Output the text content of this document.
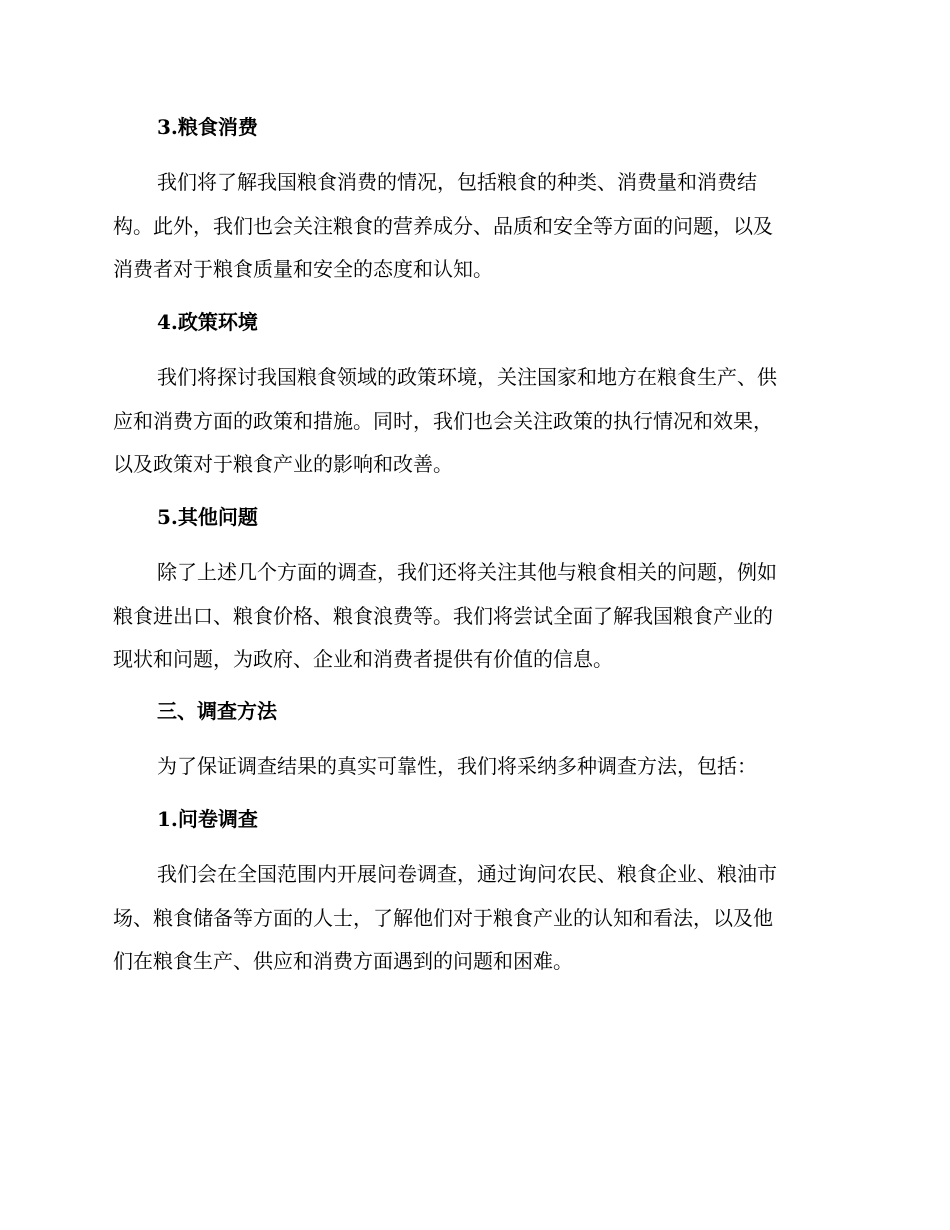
3.粮食消费
我们将了解我国粮食消费的情况，包括粮食的种类、消费量和消费结
构。此外，我们也会关注粮食的营养成分、品质和安全等方面的问题，以及
消费者对于粮食质量和安全的态度和认知。
4.政策环境
我们将探讨我国粮食领域的政策环境，关注国家和地方在粮食生产、供
应和消费方面的政策和措施。同时，我们也会关注政策的执行情况和效果，
以及政策对于粮食产业的影响和改善。
5.其他问题
除了上述几个方面的调查，我们还将关注其他与粮食相关的问题，例如
粮食进出口、粮食价格、粮食浪费等。我们将尝试全面了解我国粮食产业的
现状和问题，为政府、企业和消费者提供有价值的信息。
三、调查方法
为了保证调查结果的真实可靠性，我们将采纳多种调查方法，包括：
1.问卷调查
我们会在全国范围内开展问卷调查，通过询问农民、粮食企业、粮油市
场、粮食储备等方面的人士，了解他们对于粮食产业的认知和看法，以及他
们在粮食生产、供应和消费方面遇到的问题和困难。
